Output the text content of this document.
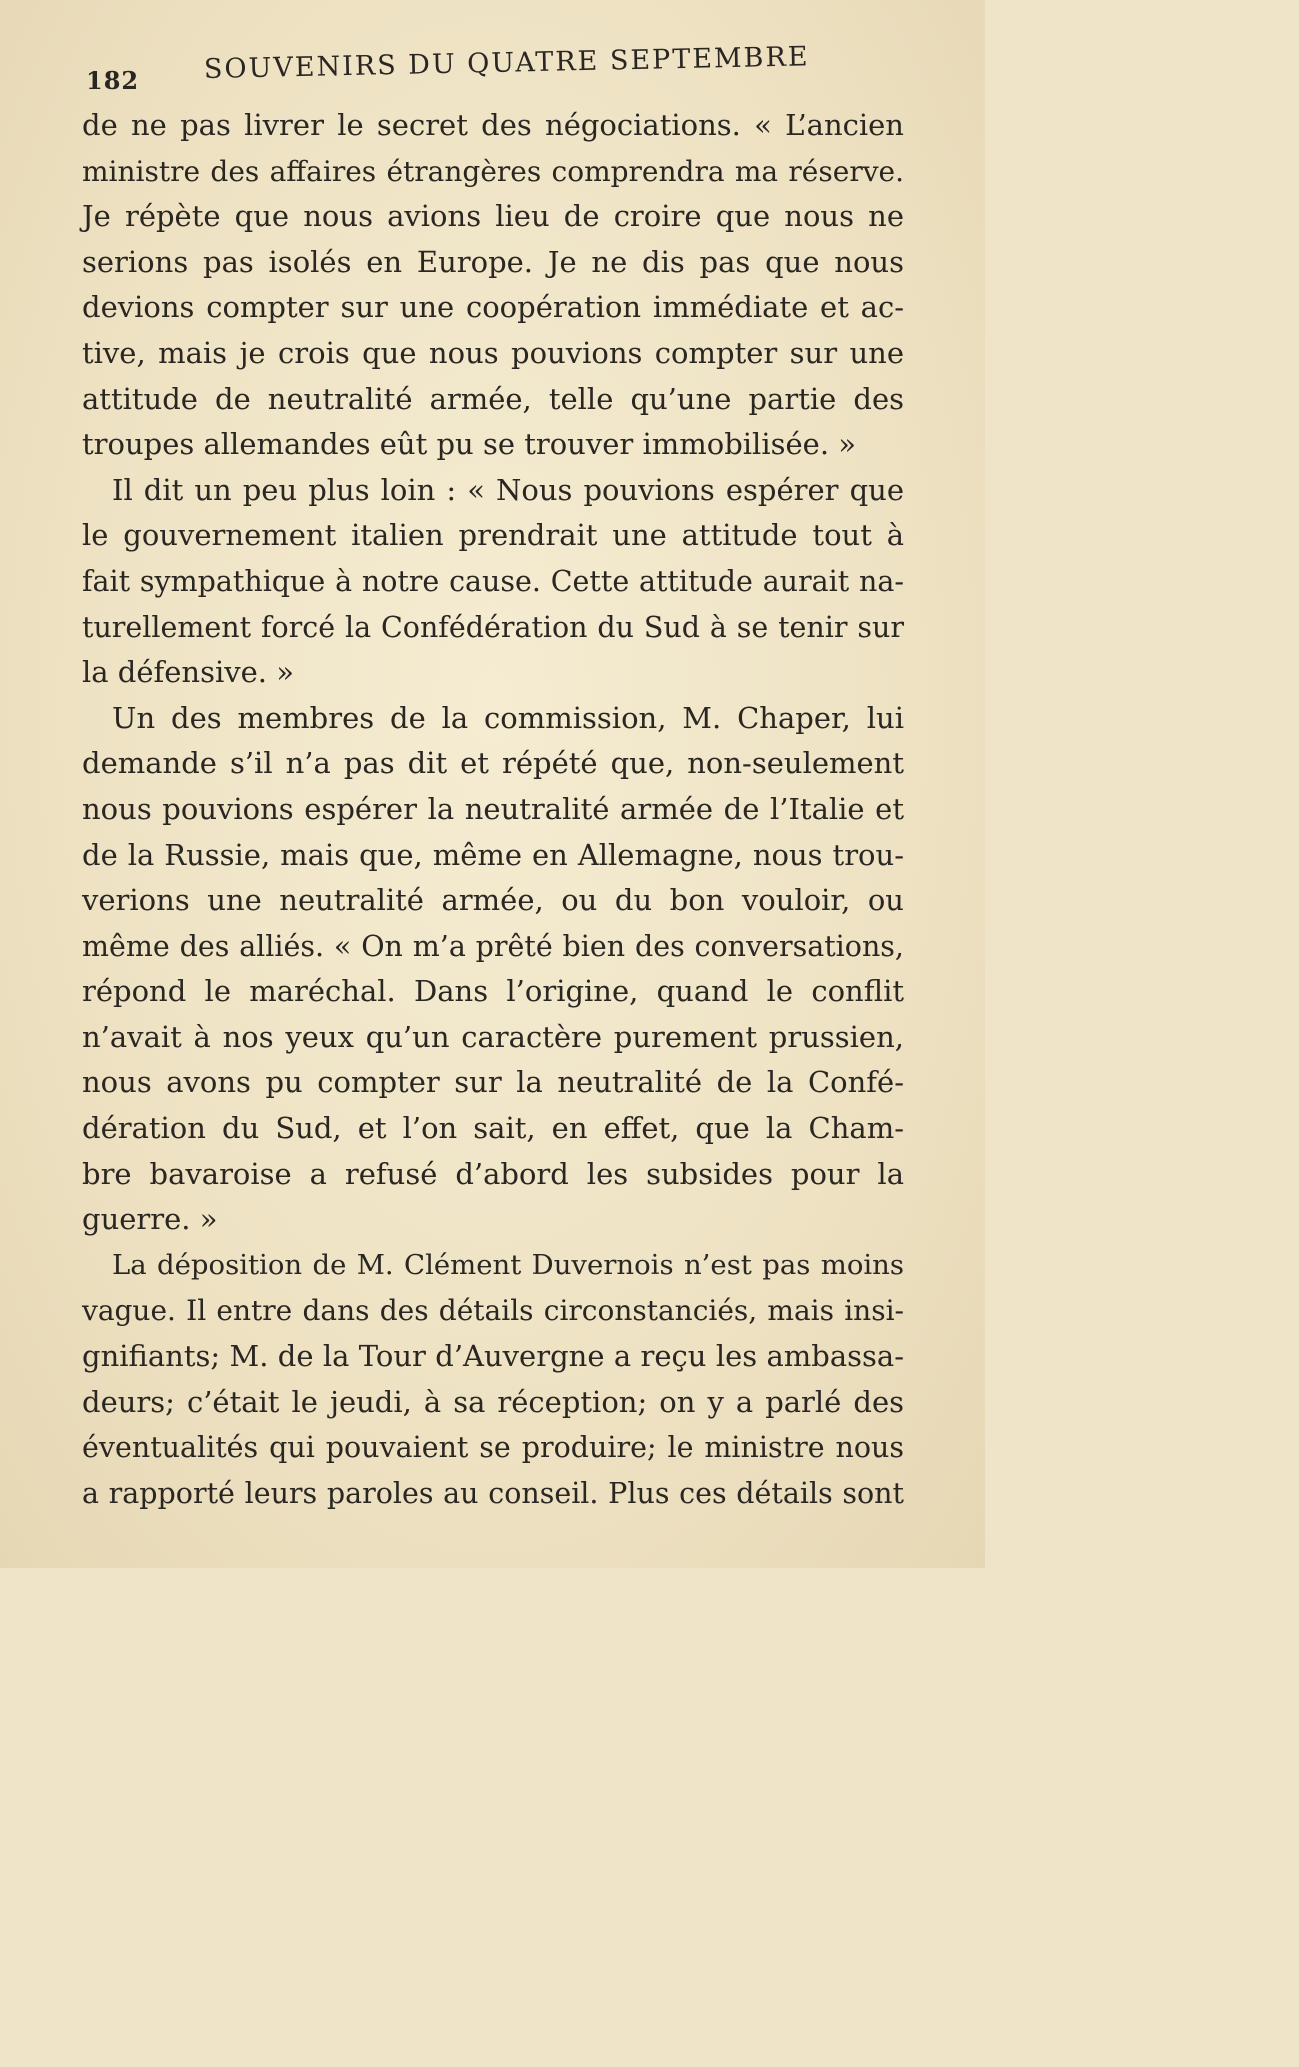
182 SOUVENIRS DU QUATRE SEPTEMBRE
de ne pas livrer le secret des négociations. « L’ancien
ministre des affaires étrangères comprendra ma réserve.
Je répète que nous avions lieu de croire que nous ne
serions pas isolés en Europe. Je ne dis pas que nous
devions compter sur une coopération immédiate et ac-
tive, mais je crois que nous pouvions compter sur une
attitude de neutralité armée, telle qu’une partie des
troupes allemandes eût pu se trouver immobilisée. »
Il dit un peu plus loin : « Nous pouvions espérer que
le gouvernement italien prendrait une attitude tout à
fait sympathique à notre cause. Cette attitude aurait na-
turellement forcé la Confédération du Sud à se tenir sur
la défensive. »
Un des membres de la commission, M. Chaper, lui
demande s’il n’a pas dit et répété que, non-seulement
nous pouvions espérer la neutralité armée de l’Italie et
de la Russie, mais que, même en Allemagne, nous trou-
verions une neutralité armée, ou du bon vouloir, ou
même des alliés. « On m’a prêté bien des conversations,
répond le maréchal. Dans l’origine, quand le conflit
n’avait à nos yeux qu’un caractère purement prussien,
nous avons pu compter sur la neutralité de la Confé-
dération du Sud, et l’on sait, en effet, que la Cham-
bre bavaroise a refusé d’abord les subsides pour la
guerre. »
La déposition de M. Clément Duvernois n’est pas moins
vague. Il entre dans des détails circonstanciés, mais insi-
gnifiants; M. de la Tour d’Auvergne a reçu les ambassa-
deurs; c’était le jeudi, à sa réception; on y a parlé des
éventualités qui pouvaient se produire; le ministre nous
a rapporté leurs paroles au conseil. Plus ces détails sont
